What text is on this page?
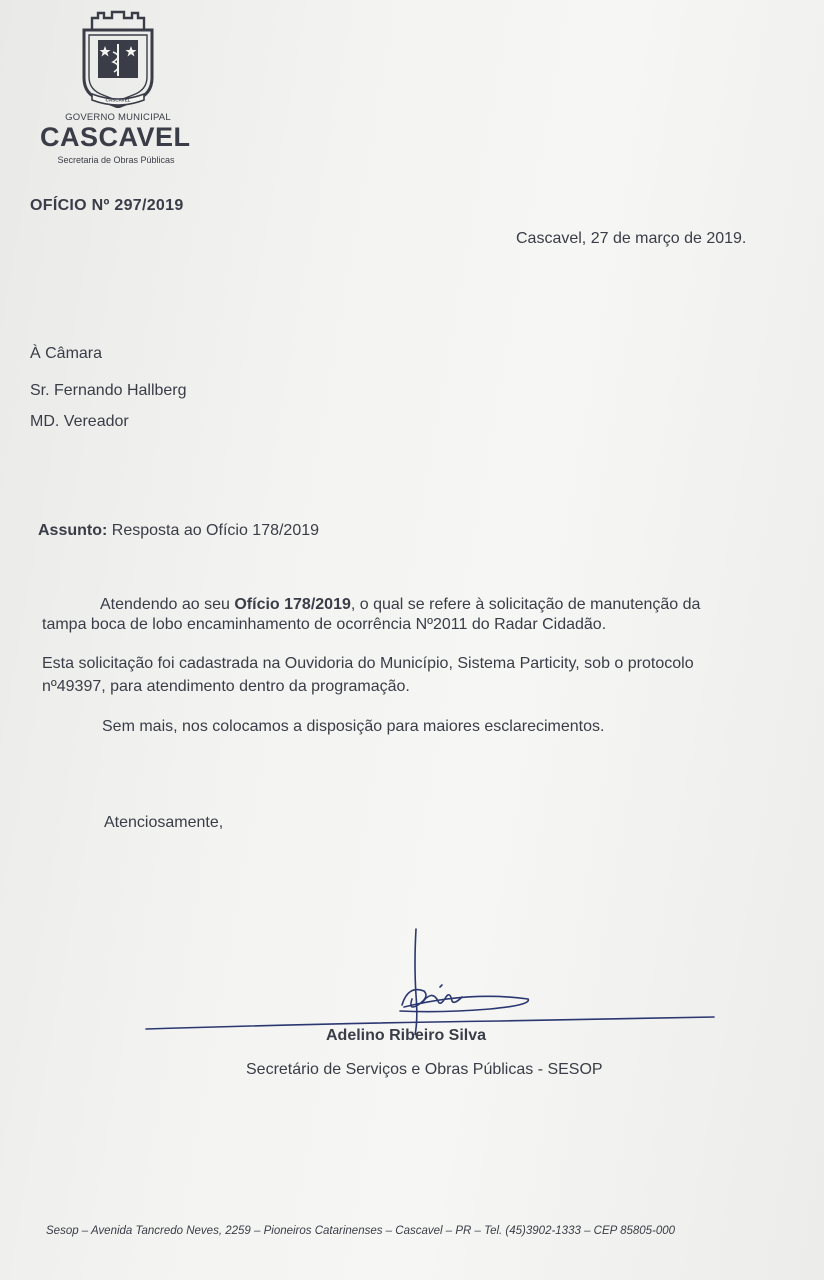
CASCAVEL
GOVERNO MUNICIPAL
CASCAVEL
Secretaria de Obras Públicas
OFÍCIO Nº 297/2019
Cascavel, 27 de março de 2019.
À Câmara
Sr. Fernando Hallberg
MD. Vereador
Assunto: Resposta ao Ofício 178/2019
Atendendo ao seu Ofício 178/2019, o qual se refere à solicitação de manutenção da
tampa boca de lobo encaminhamento de ocorrência Nº2011 do Radar Cidadão.
Esta solicitação foi cadastrada na Ouvidoria do Município, Sistema Particity, sob o protocolo
nº49397, para atendimento dentro da programação.
Sem mais, nos colocamos a disposição para maiores esclarecimentos.
Atenciosamente,
Adelino Ribeiro Silva
Secretário de Serviços e Obras Públicas - SESOP
Sesop – Avenida Tancredo Neves, 2259 – Pioneiros Catarinenses – Cascavel – PR – Tel. (45)3902-1333 – CEP 85805-000
